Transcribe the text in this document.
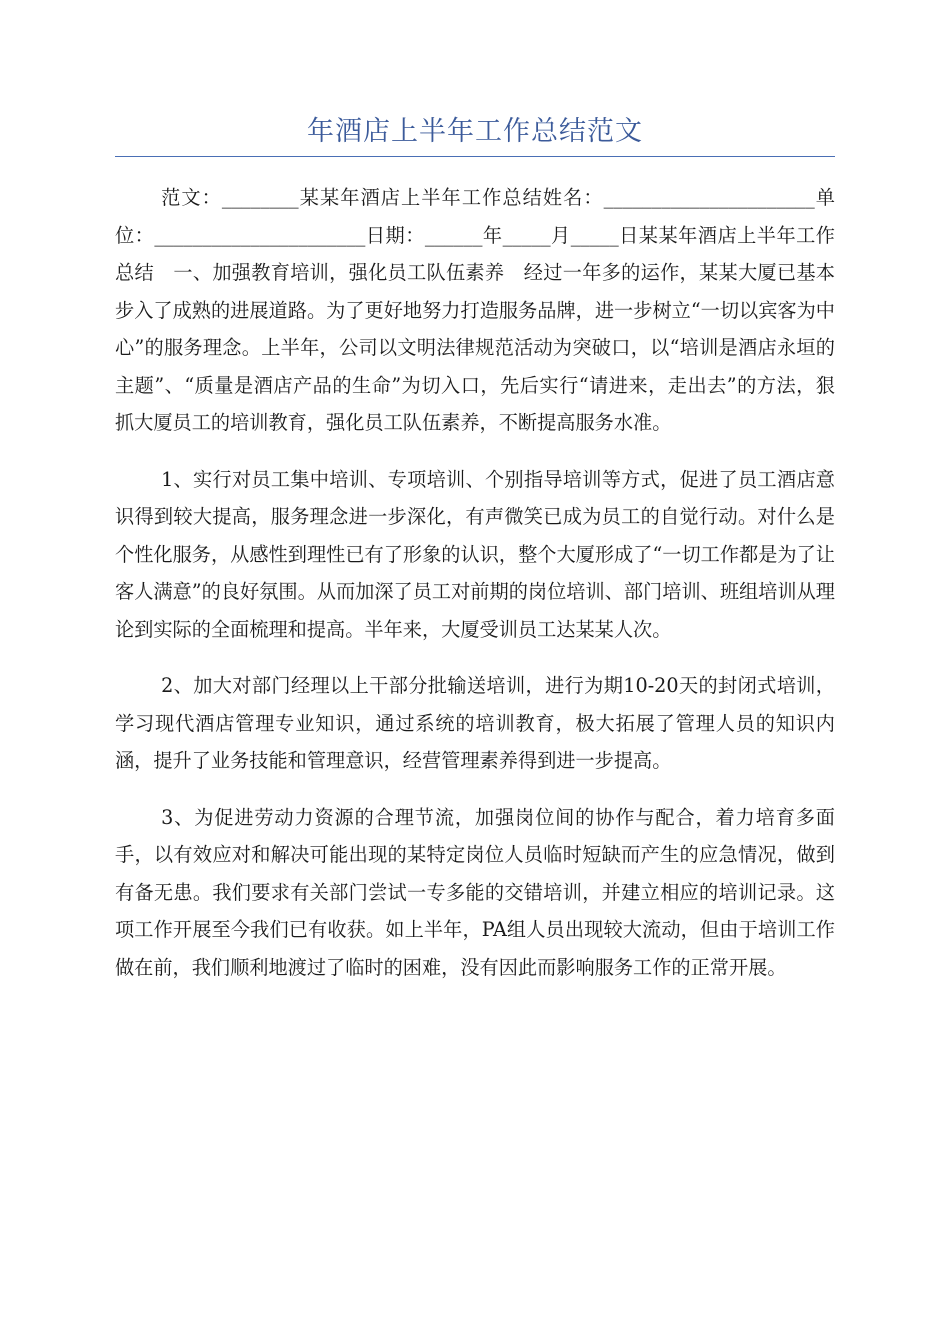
年酒店上半年工作总结范文

范文：________某某年酒店上半年工作总结姓名：______________________单位：______________________日期：______年_____月_____日某某年酒店上半年工作总结　一、加强教育培训，强化员工队伍素养　经过一年多的运作，某某大厦已基本步入了成熟的进展道路。为了更好地努力打造服务品牌，进一步树立“一切以宾客为中心”的服务理念。上半年，公司以文明法律规范活动为突破口，以“培训是酒店永垣的主题”、“质量是酒店产品的生命”为切入口，先后实行“请进来，走出去”的方法，狠抓大厦员工的培训教育，强化员工队伍素养，不断提高服务水准。

1、实行对员工集中培训、专项培训、个别指导培训等方式，促进了员工酒店意识得到较大提高，服务理念进一步深化，有声微笑已成为员工的自觉行动。对什么是个性化服务，从感性到理性已有了形象的认识，整个大厦形成了“一切工作都是为了让客人满意”的良好氛围。从而加深了员工对前期的岗位培训、部门培训、班组培训从理论到实际的全面梳理和提高。半年来，大厦受训员工达某某人次。

2、加大对部门经理以上干部分批输送培训，进行为期10-20天的封闭式培训，学习现代酒店管理专业知识，通过系统的培训教育，极大拓展了管理人员的知识内涵，提升了业务技能和管理意识，经营管理素养得到进一步提高。

3、为促进劳动力资源的合理节流，加强岗位间的协作与配合，着力培育多面手，以有效应对和解决可能出现的某特定岗位人员临时短缺而产生的应急情况，做到有备无患。我们要求有关部门尝试一专多能的交错培训，并建立相应的培训记录。这项工作开展至今我们已有收获。如上半年，PA组人员出现较大流动，但由于培训工作做在前，我们顺利地渡过了临时的困难，没有因此而影响服务工作的正常开展。
